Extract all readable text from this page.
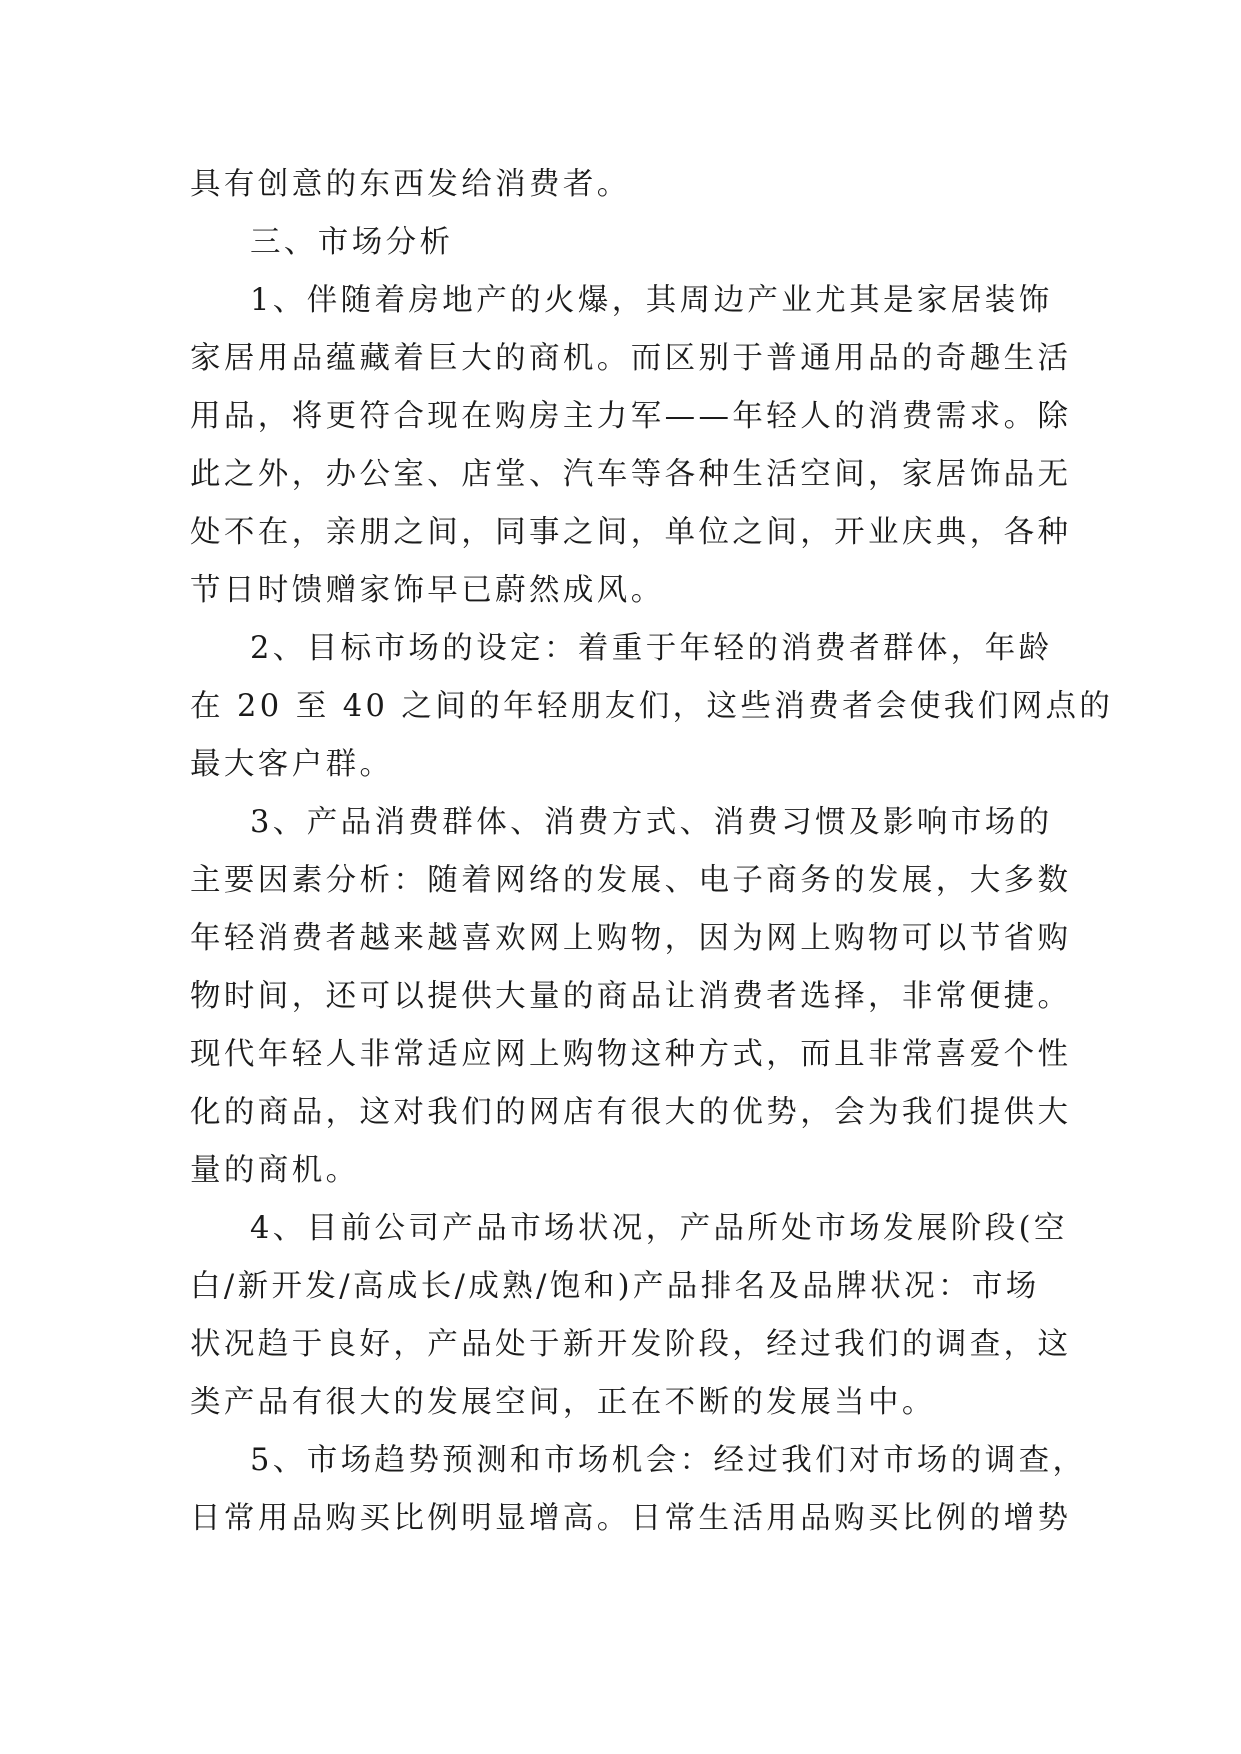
具有创意的东西发给消费者。
三、市场分析
1、伴随着房地产的火爆，其周边产业尤其是家居装饰
家居用品蕴藏着巨大的商机。而区别于普通用品的奇趣生活
用品，将更符合现在购房主力军——年轻人的消费需求。除
此之外，办公室、店堂、汽车等各种生活空间，家居饰品无
处不在，亲朋之间，同事之间，单位之间，开业庆典，各种
节日时馈赠家饰早已蔚然成风。
2、目标市场的设定：着重于年轻的消费者群体，年龄
在 20 至 40 之间的年轻朋友们，这些消费者会使我们网点的
最大客户群。
3、产品消费群体、消费方式、消费习惯及影响市场的
主要因素分析：随着网络的发展、电子商务的发展，大多数
年轻消费者越来越喜欢网上购物，因为网上购物可以节省购
物时间，还可以提供大量的商品让消费者选择，非常便捷。
现代年轻人非常适应网上购物这种方式，而且非常喜爱个性
化的商品，这对我们的网店有很大的优势，会为我们提供大
量的商机。
4、目前公司产品市场状况，产品所处市场发展阶段(空
白/新开发/高成长/成熟/饱和)产品排名及品牌状况：市场
状况趋于良好，产品处于新开发阶段，经过我们的调查，这
类产品有很大的发展空间，正在不断的发展当中。
5、市场趋势预测和市场机会：经过我们对市场的调查，
日常用品购买比例明显增高。日常生活用品购买比例的增势
